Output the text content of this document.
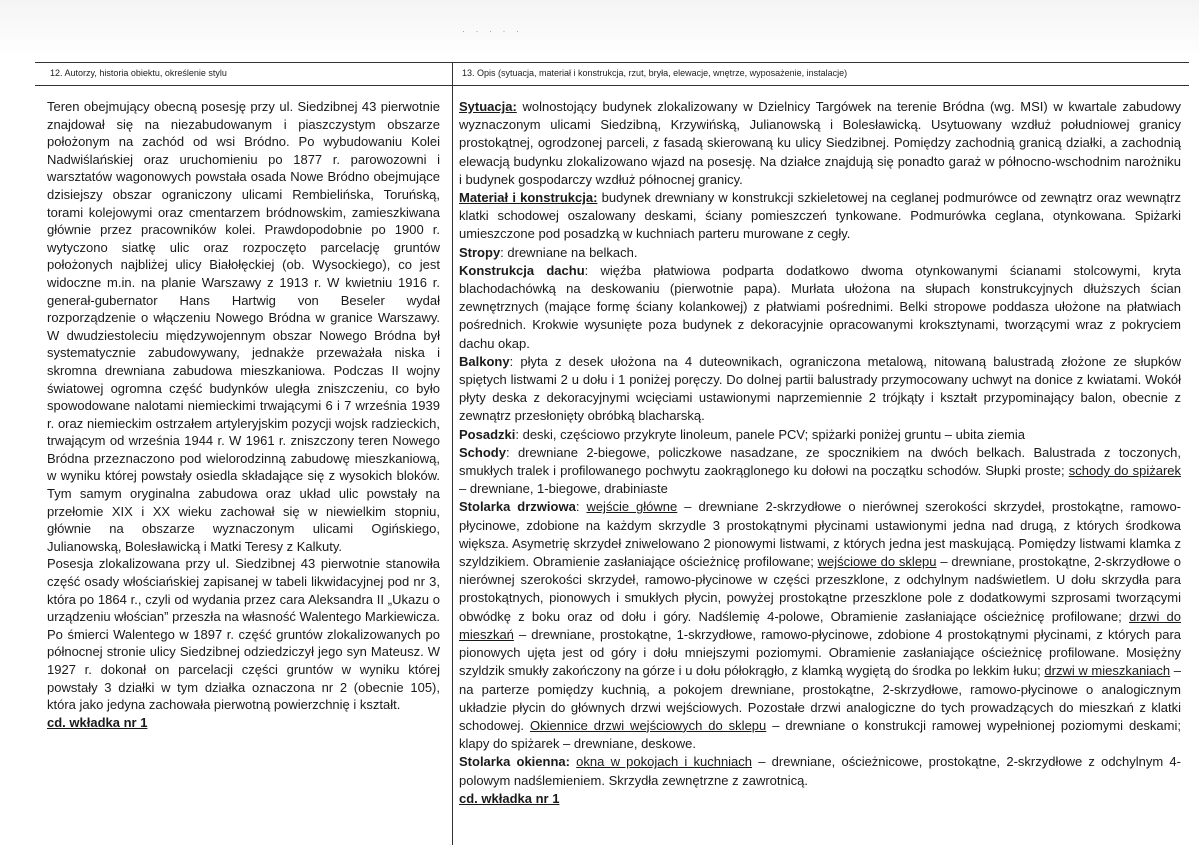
· · · · ·
12. Autorzy, historia obiektu, określenie stylu

Teren obejmujący obecną posesję przy ul. Siedzibnej 43 pierwotnie znajdował się na niezabudowanym i piaszczystym obszarze położonym na zachód od wsi Bródno. Po wybudowaniu Kolei Nadwiślańskiej oraz uruchomieniu po 1877 r. parowozowni i warsztatów wagonowych powstała osada Nowe Bródno obejmujące dzisiejszy obszar ograniczony ulicami Rembielińska, Toruńską, torami kolejowymi oraz cmentarzem bródnowskim, zamieszkiwana głównie przez pracowników kolei. Prawdopodobnie po 1900 r. wytyczono siatkę ulic oraz rozpoczęto parcelację gruntów położonych najbliżej ulicy Białołęckiej (ob. Wysockiego), co jest widoczne m.in. na planie Warszawy z 1913 r. W kwietniu 1916 r. generał-gubernator Hans Hartwig von Beseler wydał rozporządzenie o włączeniu Nowego Bródna w granice Warszawy. W dwudziestoleciu międzywojennym obszar Nowego Bródna był systematycznie zabudowywany, jednakże przeważała niska i skromna drewniana zabudowa mieszkaniowa. Podczas II wojny światowej ogromna część budynków uległa zniszczeniu, co było spowodowane nalotami niemieckimi trwającymi 6 i 7 września 1939 r. oraz niemieckim ostrzałem artyleryjskim pozycji wojsk radzieckich, trwającym od września 1944 r. W 1961 r. zniszczony teren Nowego Bródna przeznaczono pod wielorodzinną zabudowę mieszkaniową, w wyniku której powstały osiedla składające się z wysokich bloków. Tym samym oryginalna zabudowa oraz układ ulic powstały na przełomie XIX i XX wieku zachował się w niewielkim stopniu, głównie na obszarze wyznaczonym ulicami Ogińskiego, Julianowską, Bolesławicką i Matki Teresy z Kalkuty.

Posesja zlokalizowana przy ul. Siedzibnej 43 pierwotnie stanowiła część osady włościańskiej zapisanej w tabeli likwidacyjnej pod nr 3, która po 1864 r., czyli od wydania przez cara Aleksandra II „Ukazu o urządzeniu włościan” przeszła na własność Walentego Markiewicza. Po śmierci Walentego w 1897 r. część gruntów zlokalizowanych po północnej stronie ulicy Siedzibnej odziedziczył jego syn Mateusz. W 1927 r. dokonał on parcelacji części gruntów w wyniku której powstały 3 działki w tym działka oznaczona nr 2 (obecnie 105), która jako jedyna zachowała pierwotną powierzchnię i kształt.

cd. wkładka nr 1
13. Opis (sytuacja, materiał i konstrukcja, rzut, bryła, elewacje, wnętrze, wyposażenie, instalacje)

Sytuacja: wolnostojący budynek zlokalizowany w Dzielnicy Targówek na terenie Bródna (wg. MSI) w kwartale zabudowy wyznaczonym ulicami Siedzibną, Krzywińską, Julianowską i Bolesławicką. Usytuowany wzdłuż południowej granicy prostokątnej, ogrodzonej parceli, z fasadą skierowaną ku ulicy Siedzibnej. Pomiędzy zachodnią granicą działki, a zachodnią elewacją budynku zlokalizowano wjazd na posesję. Na działce znajdują się ponadto garaż w północno-wschodnim narożniku i budynek gospodarczy wzdłuż północnej granicy.

Materiał i konstrukcja: budynek drewniany w konstrukcji szkieletowej na ceglanej podmurówce od zewnątrz oraz wewnątrz klatki schodowej oszalowany deskami, ściany pomieszczeń tynkowane. Podmurówka ceglana, otynkowana. Spiżarki umieszczone pod posadzką w kuchniach parteru murowane z cegły.

Stropy: drewniane na belkach.

Konstrukcja dachu: więźba płatwiowa podparta dodatkowo dwoma otynkowanymi ścianami stolcowymi, kryta blachodachówką na deskowaniu (pierwotnie papa). Murłata ułożona na słupach konstrukcyjnych dłuższych ścian zewnętrznych (mające formę ściany kolankowej) z płatwiami pośrednimi. Belki stropowe poddasza ułożone na płatwiach pośrednich. Krokwie wysunięte poza budynek z dekoracyjnie opracowanymi kroksztynami, tworzącymi wraz z pokryciem dachu okap.

Balkony: płyta z desek ułożona na 4 duteownikach, ograniczona metalową, nitowaną balustradą złożone ze słupków spiętych listwami 2 u dołu i 1 poniżej poręczy. Do dolnej partii balustrady przymocowany uchwyt na donice z kwiatami. Wokół płyty deska z dekoracyjnymi wcięciami ustawionymi naprzemiennie 2 trójkąty i kształt przypominający balon, obecnie z zewnątrz przesłonięty obróbką blacharską.

Posadzki: deski, częściowo przykryte linoleum, panele PCV; spiżarki poniżej gruntu – ubita ziemia

Schody: drewniane 2-biegowe, policzkowe nasadzane, ze spocznikiem na dwóch belkach. Balustrada z toczonych, smukłych tralek i profilowanego pochwytu zaokrąglonego ku dołowi na początku schodów. Słupki proste; schody do spiżarek – drewniane, 1-biegowe, drabiniaste

Stolarka drzwiowa: wejście główne – drewniane 2-skrzydłowe o nierównej szerokości skrzydeł, prostokątne, ramowo-płycinowe, zdobione na każdym skrzydle 3 prostokątnymi płycinami ustawionymi jedna nad drugą, z których środkowa większa. Asymetrię skrzydeł zniwelowano 2 pionowymi listwami, z których jedna jest maskującą. Pomiędzy listwami klamka z szyldzikiem. Obramienie zasłaniające ościeżnicę profilowane; wejściowe do sklepu – drewniane, prostokątne, 2-skrzydłowe o nierównej szerokości skrzydeł, ramowo-płycinowe w części przeszklone, z odchylnym nadświetlem. U dołu skrzydła para prostokątnych, pionowych i smukłych płycin, powyżej prostokątne przeszklone pole z dodatkowymi szprosami tworzącymi obwódkę z boku oraz od dołu i góry. Nadślemię 4-polowe, Obramienie zasłaniające ościeżnicę profilowane; drzwi do mieszkań – drewniane, prostokątne, 1-skrzydłowe, ramowo-płycinowe, zdobione 4 prostokątnymi płycinami, z których para pionowych ujęta jest od góry i dołu mniejszymi poziomymi. Obramienie zasłaniające ościeżnicę profilowane. Mosiężny szyldzik smukły zakończony na górze i u dołu półokrągło, z klamką wygiętą do środka po lekkim łuku; drzwi w mieszkaniach – na parterze pomiędzy kuchnią, a pokojem drewniane, prostokątne, 2-skrzydłowe, ramowo-płycinowe o analogicznym układzie płycin do głównych drzwi wejściowych. Pozostałe drzwi analogiczne do tych prowadzących do mieszkań z klatki schodowej. Okiennice drzwi wejściowych do sklepu – drewniane o konstrukcji ramowej wypełnionej poziomymi deskami; klapy do spiżarek – drewniane, deskowe.

Stolarka okienna: okna w pokojach i kuchniach – drewniane, ościeżnicowe, prostokątne, 2-skrzydłowe z odchylnym 4-polowym nadślemieniem. Skrzydła zewnętrzne z zawrotnicą.

cd. wkładka nr 1
